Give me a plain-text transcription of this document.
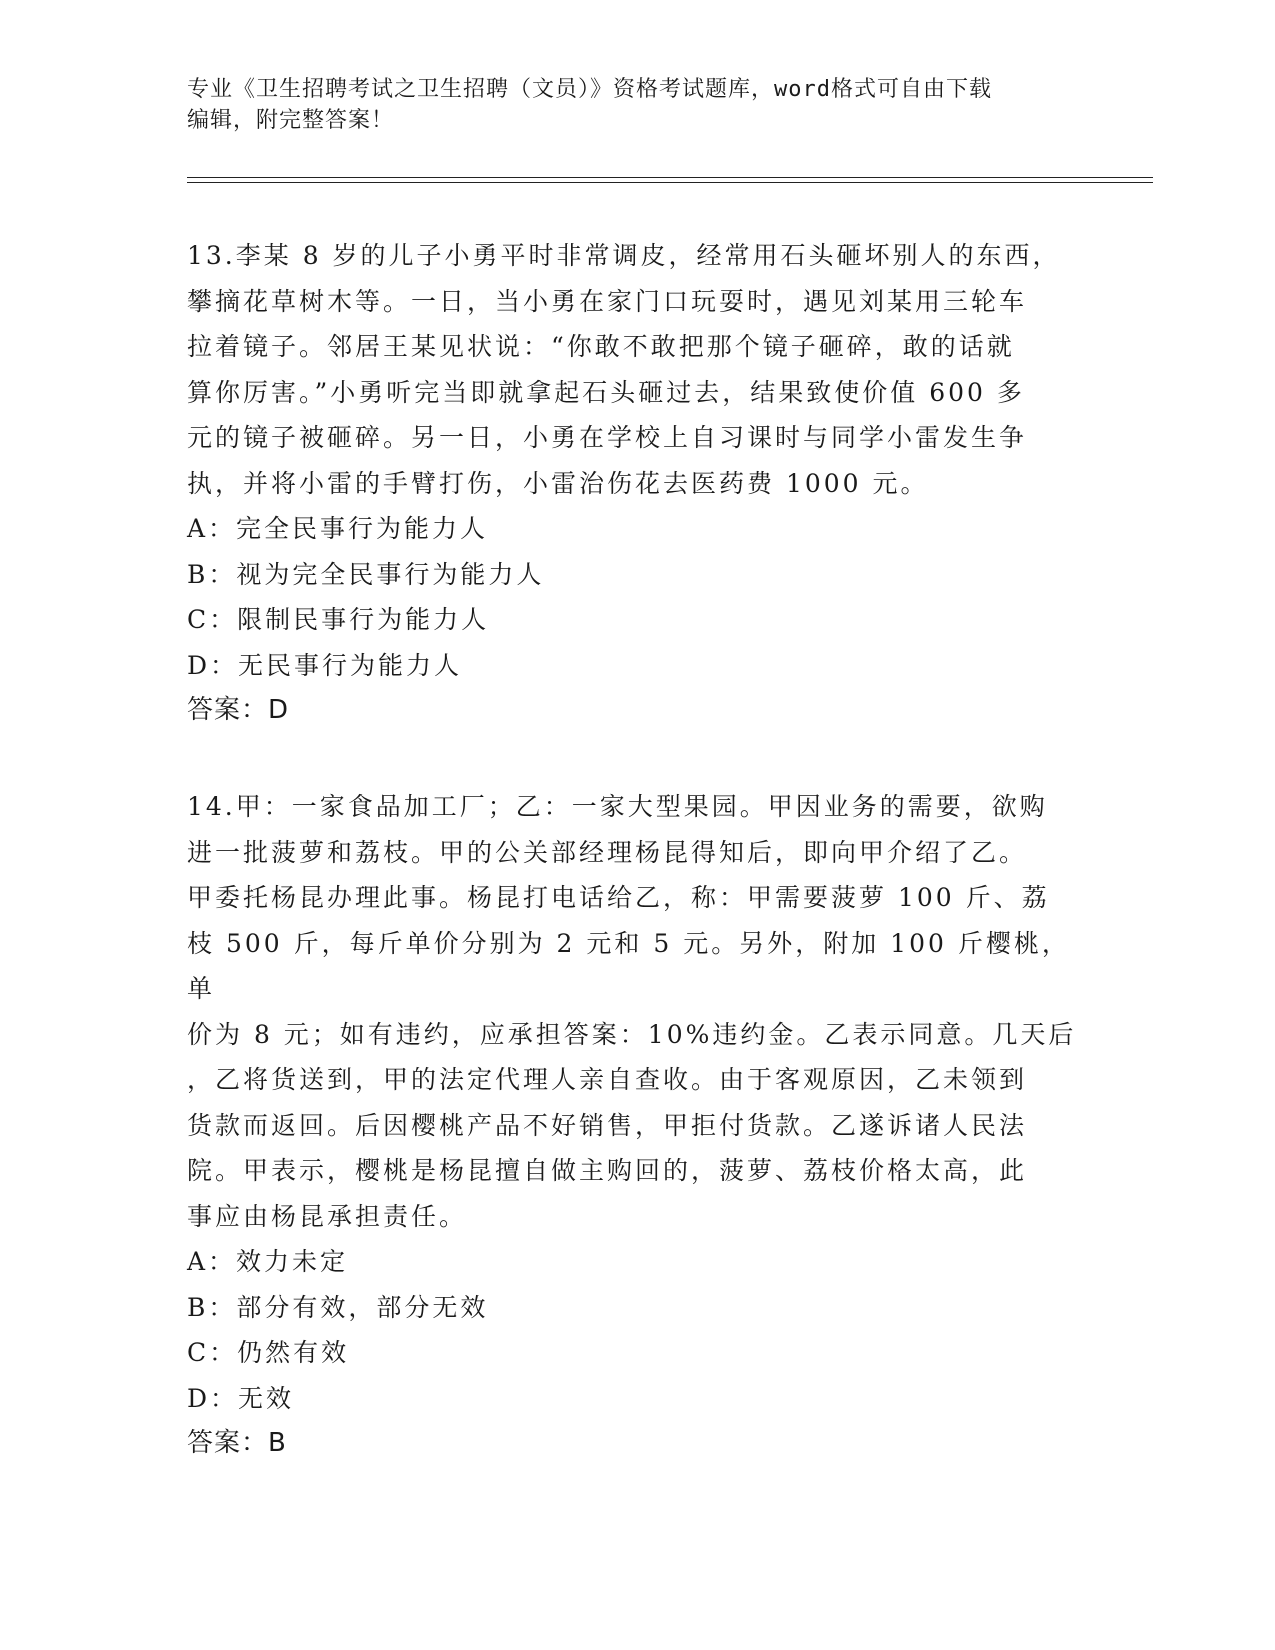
专业《卫生招聘考试之卫生招聘（文员）》资格考试题库，word格式可自由下载
编辑，附完整答案！

13.李某 8 岁的儿子小勇平时非常调皮，经常用石头砸坏别人的东西，

攀摘花草树木等。一日，当小勇在家门口玩耍时，遇见刘某用三轮车

拉着镜子。邻居王某见状说：“你敢不敢把那个镜子砸碎，敢的话就

算你厉害。”小勇听完当即就拿起石头砸过去，结果致使价值 600 多

元的镜子被砸碎。另一日，小勇在学校上自习课时与同学小雷发生争

执，并将小雷的手臂打伤，小雷治伤花去医药费 1000 元。

A：完全民事行为能力人

B：视为完全民事行为能力人

C：限制民事行为能力人

D：无民事行为能力人

答案：D

14.甲：一家食品加工厂；乙：一家大型果园。甲因业务的需要，欲购

进一批菠萝和荔枝。甲的公关部经理杨昆得知后，即向甲介绍了乙。

甲委托杨昆办理此事。杨昆打电话给乙，称：甲需要菠萝 100 斤、荔

枝 500 斤，每斤单价分别为 2 元和 5 元。另外，附加 100 斤樱桃，单

价为 8 元；如有违约，应承担答案：10%违约金。乙表示同意。几天后

，乙将货送到，甲的法定代理人亲自查收。由于客观原因，乙未领到

货款而返回。后因樱桃产品不好销售，甲拒付货款。乙遂诉诸人民法

院。甲表示，樱桃是杨昆擅自做主购回的，菠萝、荔枝价格太高，此

事应由杨昆承担责任。

A：效力未定

B：部分有效，部分无效

C：仍然有效

D：无效

答案：B
